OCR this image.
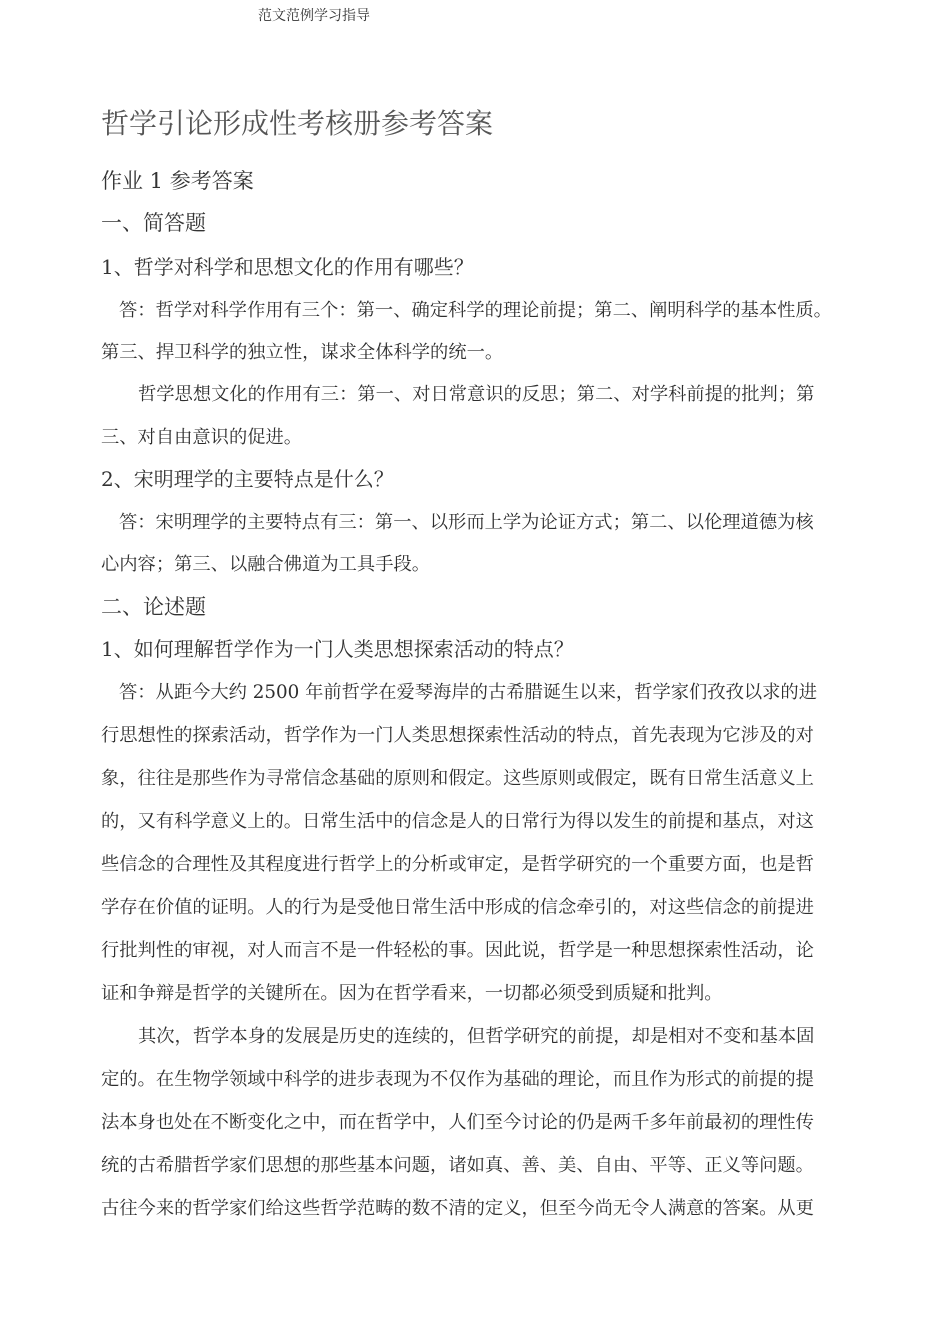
范文范例学习指导
哲学引论形成性考核册参考答案
作业 1 参考答案
一、简答题
1、哲学对科学和思想文化的作用有哪些？
答：哲学对科学作用有三个：第一、确定科学的理论前提；第二、阐明科学的基本性质。
第三、捍卫科学的独立性，谋求全体科学的统一。
哲学思想文化的作用有三：第一、对日常意识的反思；第二、对学科前提的批判；第
三、对自由意识的促进。
2、宋明理学的主要特点是什么？
答：宋明理学的主要特点有三：第一、以形而上学为论证方式；第二、以伦理道德为核
心内容；第三、以融合佛道为工具手段。
二、论述题
1、如何理解哲学作为一门人类思想探索活动的特点？
答：从距今大约 2500 年前哲学在爱琴海岸的古希腊诞生以来，哲学家们孜孜以求的进
行思想性的探索活动，哲学作为一门人类思想探索性活动的特点，首先表现为它涉及的对
象，往往是那些作为寻常信念基础的原则和假定。这些原则或假定，既有日常生活意义上
的，又有科学意义上的。日常生活中的信念是人的日常行为得以发生的前提和基点，对这
些信念的合理性及其程度进行哲学上的分析或审定，是哲学研究的一个重要方面，也是哲
学存在价值的证明。人的行为是受他日常生活中形成的信念牵引的，对这些信念的前提进
行批判性的审视，对人而言不是一件轻松的事。因此说，哲学是一种思想探索性活动，论
证和争辩是哲学的关键所在。因为在哲学看来，一切都必须受到质疑和批判。
其次，哲学本身的发展是历史的连续的，但哲学研究的前提，却是相对不变和基本固
定的。在生物学领域中科学的进步表现为不仅作为基础的理论，而且作为形式的前提的提
法本身也处在不断变化之中，而在哲学中，人们至今讨论的仍是两千多年前最初的理性传
统的古希腊哲学家们思想的那些基本问题，诸如真、善、美、自由、平等、正义等问题。
古往今来的哲学家们给这些哲学范畴的数不清的定义，但至今尚无令人满意的答案。从更
